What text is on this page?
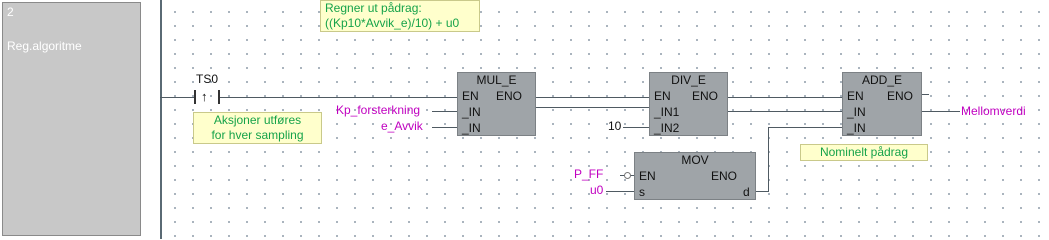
2
Reg.algoritme
Regner ut pådrag:
((Kp10*Avvik_e)/10) + u0
TS0
↑
Aksjoner utføres
for hver sampling
MUL_E
EN ENO
_IN
_IN
DIV_E
EN ENO
_IN1
_IN2
ADD_E
EN ENO
_IN
_IN
MOV
EN	ENO
s	d
Kp_forsterkning
e_Avvik	10
P_FF
u0
Mellomverdi
Nominelt pådrag
